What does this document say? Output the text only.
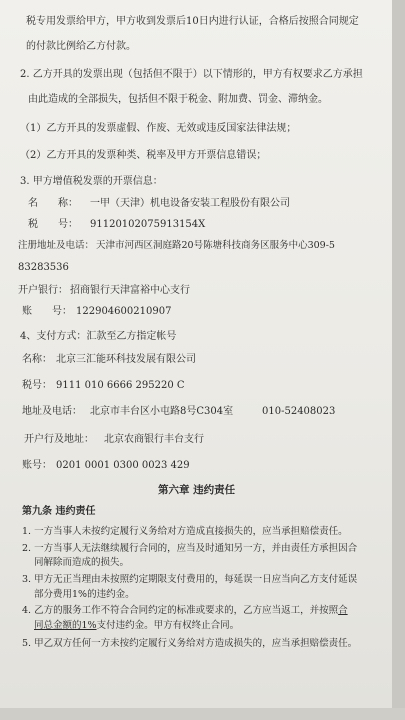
税专用发票给甲方，甲方收到发票后10日内进行认证，合格后按照合同规定
的付款比例给乙方付款。
2. 乙方开具的发票出现（包括但不限于）以下情形的，甲方有权要求乙方承担
由此造成的全部损失，包括但不限于税金、附加费、罚金、滞纳金。
（1）乙方开具的发票虚假、作废、无效或违反国家法律法规；
（2）乙方开具的发票种类、税率及甲方开票信息错误；
3. 甲方增值税发票的开票信息：
名　　称： 一甲（天津）机电设备安装工程股份有限公司
税　　号： 91120102075913154X
注册地址及电话： 天津市河西区洞庭路20号陈塘科技商务区服务中心309-5
83283536
开户银行： 招商银行天津富裕中心支行
账　　号： 122904600210907
4、支付方式：汇款至乙方指定帐号
名称： 北京三汇能环科技发展有限公司
税号： 9111 010 6666 295220 C
地址及电话： 北京市丰台区小屯路8号C304室	010-52408023
开户行及地址： 北京农商银行丰台支行
账号： 0201 0001 0300 0023 429
第六章 违约责任
第九条 违约责任
1. 一方当事人未按约定履行义务给对方造成直接损失的，应当承担赔偿责任。
2. 一方当事人无法继续履行合同的，应当及时通知另一方，并由责任方承担因合
同解除而造成的损失。
3. 甲方无正当理由未按照约定期限支付费用的，每延误一日应当向乙方支付延误
部分费用1%的违约金。
4. 乙方的服务工作不符合合同约定的标准或要求的，乙方应当返工，并按照合
同总金额的1%支付违约金。甲方有权终止合同。
5. 甲乙双方任何一方未按约定履行义务给对方造成损失的，应当承担赔偿责任。
